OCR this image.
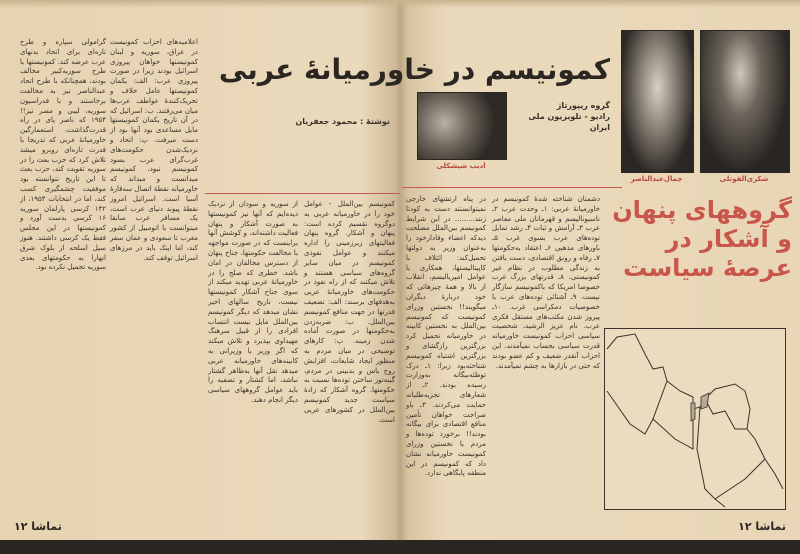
اعلامیه‌های احزاب کمونیست در عراق، سوریه و لبنان کمونیستها خواهان پیروزی اسرائیل بودند زیرا در صورت پیروزی عرب: الف: یکمان کمونیستها عامل خلاف و تحریک‌کنندهٔ عواطف عرب‌ها میان می‌رفتند. ب: اسرائیل که در آن تاریخ یکمان کمونیستها مایل مساعدی بود آنها بود از دست میرفت. پ: اتحاد و نزدیک‌شدن حکومت‌های غرب‌گرای عرب بسود کمونیسم نبود، کمونیسم میدانست و میداند که خاورمیانه نقطهٔ اتصال سه‌قارهٔ آسیا است. اسرائیل امروز نقطهٔ پیوند دنیای عرب است، یک مسافر عرب سابقا میتوانست با اتومبیل از کشور مغرب تا سعودی و عمان سفر کند، اما اینک باید در مرزهای اسرائیل توقف کند.
گرامولی سپاره و طرح تازه‌ای برای اتحاد بدنهای عرب عرضه کند. کمونیستها با طرح سوریه‌کبیر مخالف بودند، همچنانکه با طرح اتحاد عبدالناصر نیز به مخالفت برخاستند و با فدراسیون سوریه، لیبی و مصر نیز!! ۱۹۵۴ که ناصر پای در راه قدرت‌گذاشت، استعمارگین خاورمیانهٔ عربی که تدریجا با قدرت تازه‌ای روبرو میشد تلاش کرد که حزب بعث را در سوریه تقویت کند، حزب بعث تا این تاریخ نتوانسته بود موفقیت چشمگیری کسب کند، اما در انتخابات ۱۹۵۴، از ۱۴۲ کرسی پارلمان سوریه ۱۶ کرسی بدست آورد و کمونیستها در این مجلس فقط یک کرسی داشتند. هنوز سیل اسلحه از بلوک شرق انهارا به حکومتهای بعدی سوریه تحمیل نکرده بود.
از سوریه و سودان از نزدیک دیده‌ایم که آنها نیز کمونیستها به صورت آشکار و پنهان فعالیت داشته‌اند، و کوشش آنها براینست که در صورت مواجهه با مخالفت حکومتها، جناح پنهان از دسترس مخالفان در امان باشد. خطری که صلح را در خاورمیانهٔ عربی تهدید میکند از سوی جناح آشکار کمونیستها نیست، تاریخ سالهای اخیر نشان میدهد که دیگر کمونیسم بین‌الملل مایل نیست انتساب افرادی را از قبیل سرهنگ مهیداوی بپذیرد و تلاش میکند که اگر وزیر یا وزیرانی به کابینه‌های خاورمیانه عربی میدهد نقل آنها به‌ظاهر گشتار نباشد، اما کشتار و تصفیه را باید عوامل گروههای سیاسی دیگر انجام دهند.
کمونیسم بین‌الملل - عوامل خود را در خاورمیانه عربی به دوگروه تقسیم کرده است: پنهان و آشکار. گروه پنهان فعالیتهای زیرزمینی را اداره میکنند و عوامل نفوذی کمونیسم در میان سایر گروه‌های سیاسی هستند و تلاش میکنند که از راه نفوذ در حکومت‌های خاورمیانهٔ عربی به‌هدفهای برسند: الف: تضعیف قدرتها در جهت منافع کمونیسم بین‌الملل. ب: ضربه‌زدن به‌حکومتها در صورت آماده شدن زمینه. پ: کارهای توضیحی در میان مردم به منظور ایجاد شایعات، افزایش روح یاس و بدبینی در مردم، گینه‌توز ساختن توده‌ها نسبت به حکومتها. گروه آشکار که زادهٔ سیاست جدید کمونیسم بین‌الملل در کشورهای عربی است.
کمونیسم در خاورمیانهٔ عربی
نوشتهٔ : محمود جعفریان
تماشا ۱۲
ادیب شیشکلی
جمال‌عبدالناصر	شکری‌القوتلی
گروه ریپورتاژ
رادیو - تلویزیون ملی ایران
گروههای پنهان
و آشکار در
عرصهٔ سیاست
دشمنان شناخته شدهٔ کمونیسم در خاورمیانهٔ عربی: ۱ـ وحدت عرب ۲ـ ناسیونالیسم و قهرمانان ملی معاصر عرب ۳ـ آرامش و ثبات ۴ـ رشد تمایل توده‌های عرب بسوی غرب ۵ـ باورهای مذهبی ۶ـ اعتقاد به‌حکومتها ۷ـ رفاه و رونق اقتصادی، دست یافتن به زندگی مطلوب در نظام غیر کمونیستی. ۸ـ قدرتهای بزرگ غرب خصوصا امریکا که باکمونیسم سازگار نیست. ۹ـ آشنائی توده‌های عرب با خصوصیات دمکراسی غرب. ۱۰ـ پیروز شدن مکتب‌های مستقل فکری عرب. نام عزیز الرشید، شخصیت سیاسی احزاب کمونیست خاورمیانه قدرت سیاسی بحساب نمیآمدند، این احزاب آنقدر ضعیف و کم عضو بودند که حتی در بازارها به چشم نمیآمدند.
در پناه ارتشهای خارجی نمیتوانستند دست به کودتا زنند......... در این شرایط کمونیسم بین‌الملل مصلحت دیدکه اعضاء وفادارخود را به‌عنوان وزیر به دولتها تحمیل‌کند: ائتلاف با کاپیتالیستها، همکاری با عوامل امپریالیسم، انقلاب از بالا و همهٔ چیزهائی که خود دربارهٔ دیگران میگویند!! نخستین وزرای کمونیست که کمونیسم بین‌الملل به نخستین کابینه در خاورمیانه تحمیل کرد بزرگترین رازگشای و بزرگترین اشتباه کمونیسم شناخته‌بود زیرا: ۱ـ درک توطئه‌بیگانه به‌وزارت رسیده بودند. ۲ـ از شعارهای تجزیه‌طلبانه حمایت می‌کردند. ۳ـ باو صراحت خواهان تأمین منافع اقتصادی برای بیگانه بودند!! برخورد توده‌ها و مردم با نخستین وزرای کمونیست خاورمیانه نشان داد که کمونیسم در این منطقه پایگاهی ندارد.
تماشا ۱۲
